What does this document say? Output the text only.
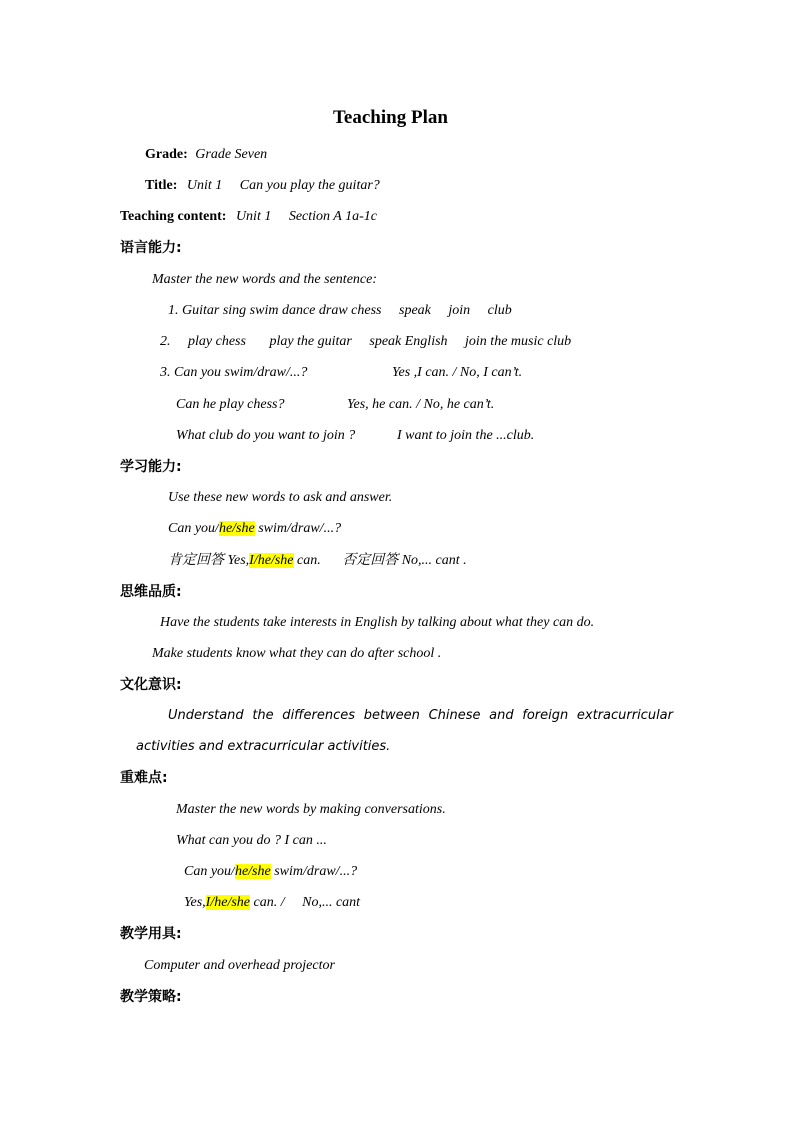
Teaching Plan
Grade: Grade Seven
Title: Unit 1 Can you play the guitar?
Teaching content: Unit 1 Section A 1a-1c
语言能力:
Master the new words and the sentence:
1. Guitar sing swim dance draw chess speak join club
2. play chess play the guitar speak English join the music club
3. Can you swim/draw/...?	Yes ,I can. / No, I can’t.
Can he play chess?	Yes, he can. / No, he can’t.
What club do you want to join ?	I want to join the ...club.
学习能力:
Use these new words to ask and answer.
Can you/he/she swim/draw/...?
肯定回答 Yes,I/he/she can. 否定回答 No,... cant .
思维品质:
Have the students take interests in English by talking about what they can do.
Make students know what they can do after school .
文化意识:
Understand the differences between Chinese and foreign extracurricular
activities and extracurricular activities.
重难点:
Master the new words by making conversations.
What can you do ? I can ...
Can you/he/she swim/draw/...?
Yes,I/he/she can. / No,... cant
教学用具:
Computer and overhead projector
教学策略:
